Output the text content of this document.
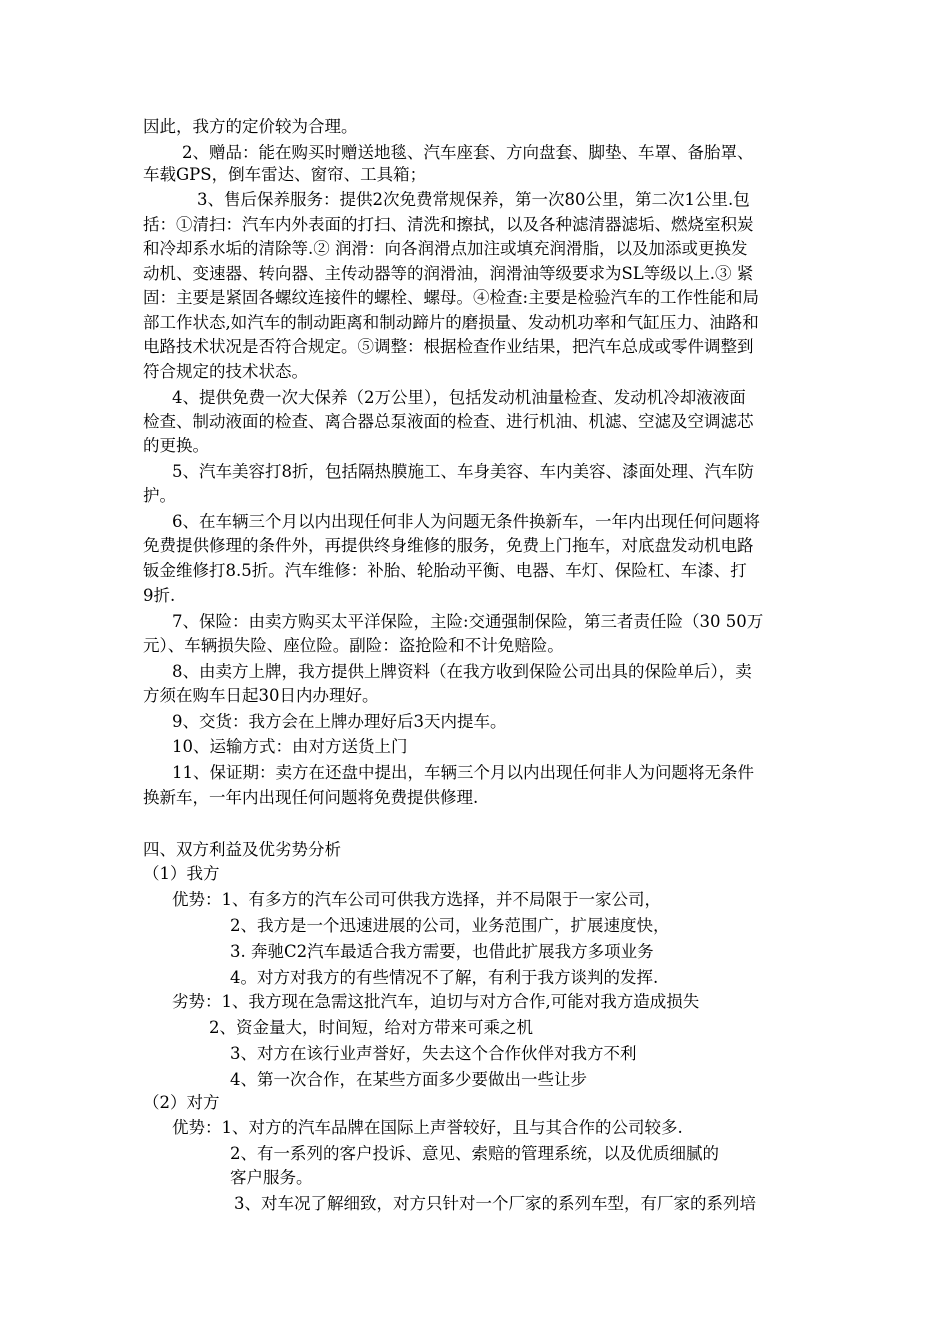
因此，我方的定价较为合理。
2、赠品：能在购买时赠送地毯、汽车座套、方向盘套、脚垫、车罩、备胎罩、
车载GPS，倒车雷达、窗帘、工具箱；
3、售后保养服务：提供2次免费常规保养，第一次80公里，第二次1公里.包
括：①清扫：汽车内外表面的打扫、清洗和擦拭，以及各种滤清器滤垢、燃烧室积炭
和冷却系水垢的清除等.② 润滑：向各润滑点加注或填充润滑脂，以及加添或更换发
动机、变速器、转向器、主传动器等的润滑油，润滑油等级要求为SL等级以上.③ 紧
固：主要是紧固各螺纹连接件的螺栓、螺母。④检查:主要是检验汽车的工作性能和局
部工作状态,如汽车的制动距离和制动蹄片的磨损量、发动机功率和气缸压力、油路和
电路技术状况是否符合规定。⑤调整：根据检查作业结果，把汽车总成或零件调整到
符合规定的技术状态。
4、提供免费一次大保养（2万公里），包括发动机油量检查、发动机冷却液液面
检查、制动液面的检查、离合器总泵液面的检查、进行机油、机滤、空滤及空调滤芯
的更换。
5、汽车美容打8折，包括隔热膜施工、车身美容、车内美容、漆面处理、汽车防
护。
6、在车辆三个月以内出现任何非人为问题无条件换新车，一年内出现任何问题将
免费提供修理的条件外，再提供终身维修的服务，免费上门拖车，对底盘发动机电路
钣金维修打8.5折。汽车维修：补胎、轮胎动平衡、电器、车灯、保险杠、车漆、打
9折.
7、保险：由卖方购买太平洋保险，主险:交通强制保险，第三者责任险（30 50万
元）、车辆损失险、座位险。副险：盗抢险和不计免赔险。
8、由卖方上牌，我方提供上牌资料（在我方收到保险公司出具的保险单后），卖
方须在购车日起30日内办理好。
9、交货：我方会在上牌办理好后3天内提车。
10、运输方式：由对方送货上门
11、保证期：卖方在还盘中提出，车辆三个月以内出现任何非人为问题将无条件
换新车，一年内出现任何问题将免费提供修理.
四、双方利益及优劣势分析
（1）我方
优势：1、有多方的汽车公司可供我方选择，并不局限于一家公司，
2、我方是一个迅速进展的公司，业务范围广，扩展速度快，
3. 奔驰C2汽车最适合我方需要，也借此扩展我方多项业务
4。对方对我方的有些情况不了解，有利于我方谈判的发挥.
劣势：1、我方现在急需这批汽车，迫切与对方合作,可能对我方造成损失
2、资金量大，时间短，给对方带来可乘之机
3、对方在该行业声誉好，失去这个合作伙伴对我方不利
4、第一次合作，在某些方面多少要做出一些让步
（2）对方
优势：1、对方的汽车品牌在国际上声誉较好，且与其合作的公司较多.
2、有一系列的客户投诉、意见、索赔的管理系统，以及优质细腻的
客户服务。
3、对车况了解细致，对方只针对一个厂家的系列车型，有厂家的系列培
